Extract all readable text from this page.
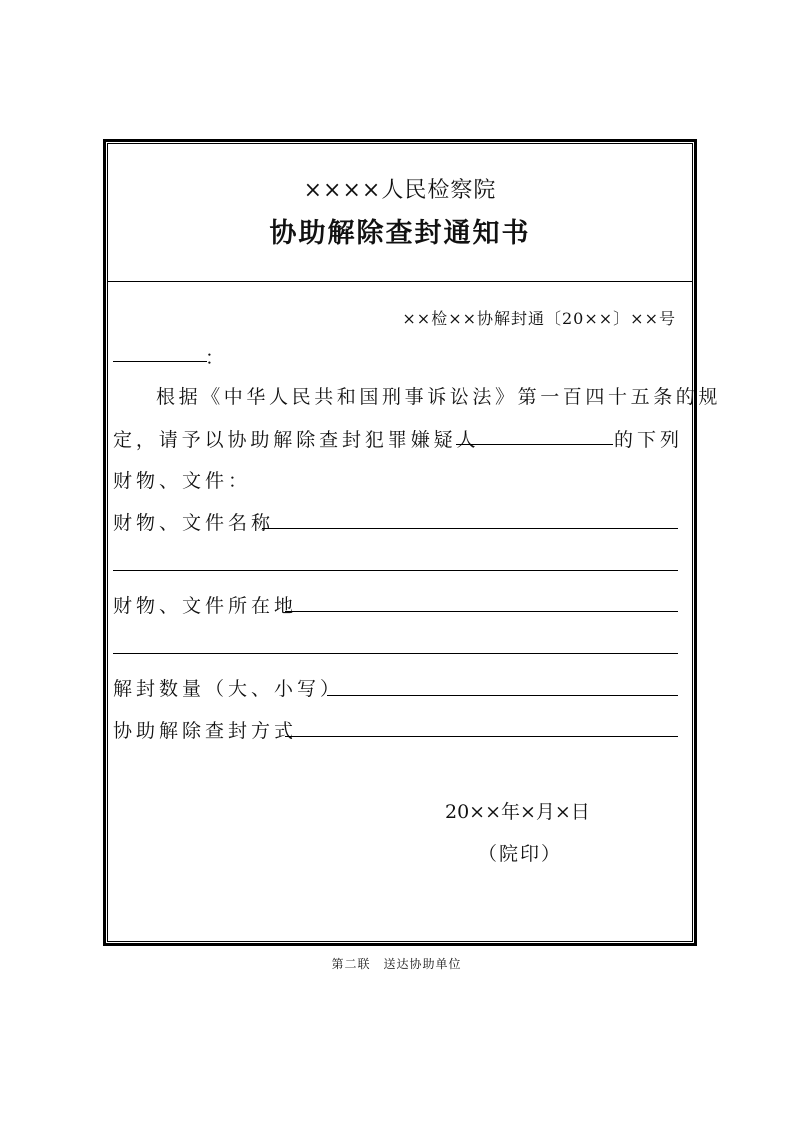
××××人民检察院
协助解除查封通知书
××检××协解封通〔20××〕××号
：
根据《中华人民共和国刑事诉讼法》第一百四十五条的规
定，请予以协助解除查封犯罪嫌疑人	的下列
财物、文件：
财物、文件名称
财物、文件所在地
解封数量（大、小写）
协助解除查封方式
20××年×月×日
（院印）
第二联　送达协助单位
